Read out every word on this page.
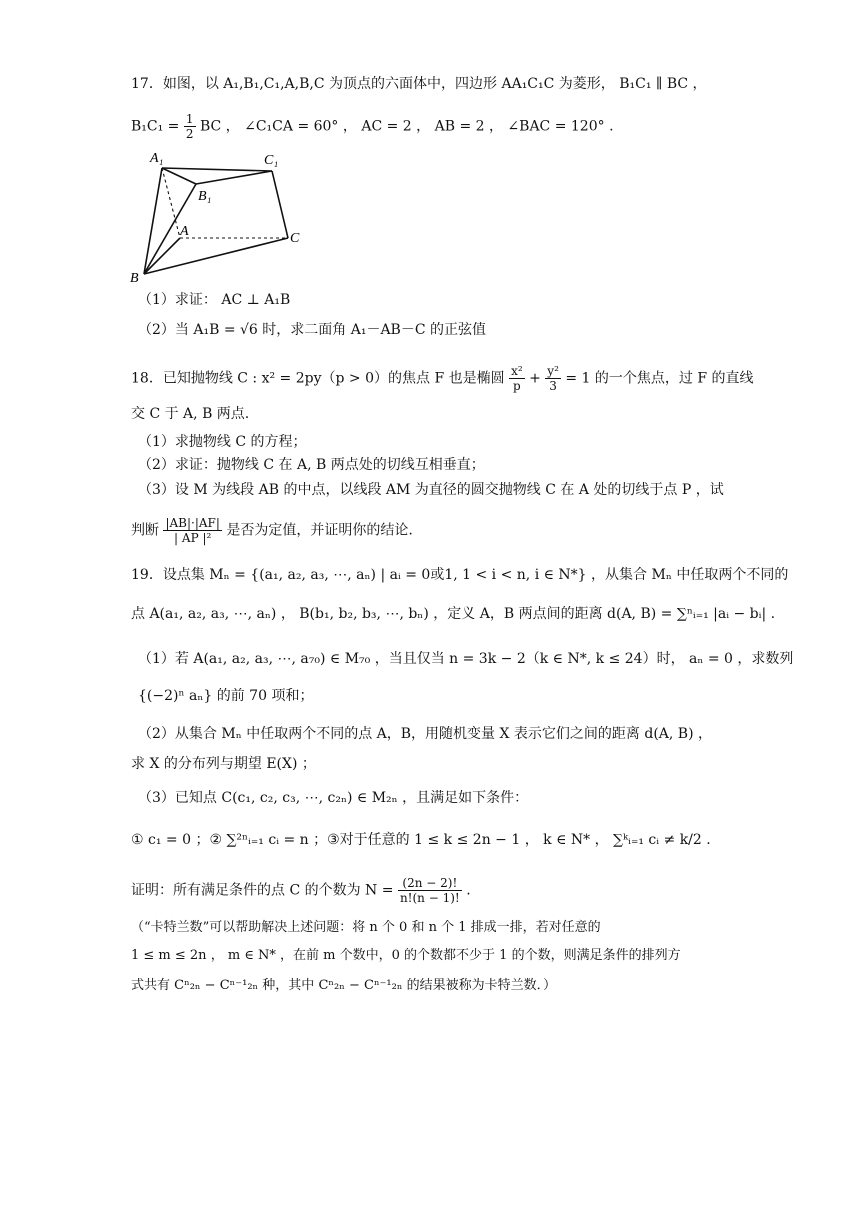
17．如图，以 A₁,B₁,C₁,A,B,C 为顶点的六面体中，四边形 AA₁C₁C 为菱形， B₁C₁ ∥ BC ，
$B_1C_1 = \frac{1}{2}$ BC ， ∠C₁CA = 60° ， AC = 2 ， AB = 2 ， ∠BAC = 120° .
A₁	C₁
B₁
A	C
B
（1）求证： AC ⊥ A₁B
（2）当 A₁B = √6 时，求二面角 A₁－AB－C 的正弦值
18．已知抛物线 C : x² = 2py（p > 0）的焦点 F 也是椭圆 $\frac{\text{x²}}{p} + \frac{\text{y²}}{3} = 1$ 的一个焦点，过 F 的直线
交 C 于 A, B 两点.
（1）求抛物线 C 的方程；
（2）求证：抛物线 C 在 A, B 两点处的切线互相垂直；
（3）设 M 为线段 AB 的中点，以线段 AM 为直径的圆交抛物线 C 在 A 处的切线于点 P ，试
判断 $\frac{|AB|\cdot|AF|}{\text{| AP |²}}$ 是否为定值，并证明你的结论.
19．设点集 Mₙ = {(a₁, a₂, a₃, ⋯, aₙ) | aᵢ = 0或1, 1 < i < n, i ∈ N*} ，从集合 Mₙ 中任取两个不同的
点 A(a₁, a₂, a₃, ⋯, aₙ) ， B(b₁, b₂, b₃, ⋯, bₙ) ，定义 A，B 两点间的距离 d(A, B) = ∑ⁿᵢ₌₁ |aᵢ − bᵢ| .
（1）若 A(a₁, a₂, a₃, ⋯, a₇₀) ∈ M₇₀ ，当且仅当 n = 3k − 2（k ∈ N*, k ≤ 24）时， aₙ = 0 ，求数列
{(−2)ⁿ aₙ} 的前 70 项和；
（2）从集合 Mₙ 中任取两个不同的点 A，B，用随机变量 X 表示它们之间的距离 d(A, B) ，
求 X 的分布列与期望 E(X) ；
（3）已知点 C(c₁, c₂, c₃, ⋯, c₂ₙ) ∈ M₂ₙ ，且满足如下条件：
① c₁ = 0 ；② ∑²ⁿᵢ₌₁ cᵢ = n ；③对于任意的 1 ≤ k ≤ 2n − 1 ， k ∈ N* ， ∑ᵏᵢ₌₁ cᵢ ≠ k/2 .
证明：所有满足条件的点 C 的个数为 $N = \frac{(2n - 2)!}{n!(n - 1)!}$ .
（“卡特兰数”可以帮助解决上述问题：将 n 个 0 和 n 个 1 排成一排，若对任意的
1 ≤ m ≤ 2n ， m ∈ N* ，在前 m 个数中，0 的个数都不少于 1 的个数，则满足条件的排列方
式共有 Cⁿ₂ₙ − Cⁿ⁻¹₂ₙ 种，其中 Cⁿ₂ₙ − Cⁿ⁻¹₂ₙ 的结果被称为卡特兰数．）
